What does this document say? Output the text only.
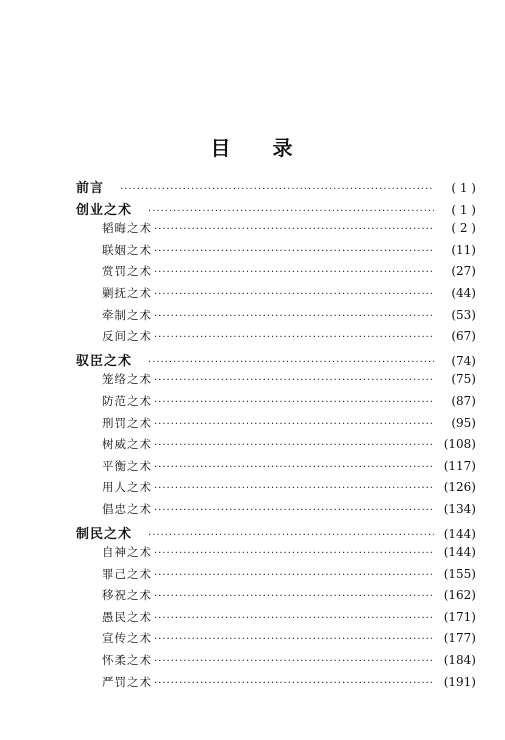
目 录
前言 ·····	( 1 )
创业之术 ·····	( 1 )
韬晦之术 ·····	( 2 )
联姻之术 ·····	(11)
赏罚之术 ·····	(27)
剿抚之术 ·····	(44)
牵制之术 ·····	(53)
反间之术 ·····	(67)
驭臣之术 ·····	(74)
笼络之术 ·····	(75)
防范之术 ·····	(87)
刑罚之术 ·····	(95)
树威之术 ·····	(108)
平衡之术 ·····	(117)
用人之术 ·····	(126)
倡忠之术 ·····	(134)
制民之术 ·····	(144)
自神之术 ·····	(144)
罪己之术 ·····	(155)
移祝之术 ·····	(162)
愚民之术 ·····	(171)
宣传之术 ·····	(177)
怀柔之术 ·····	(184)
严罚之术 ·····	(191)
